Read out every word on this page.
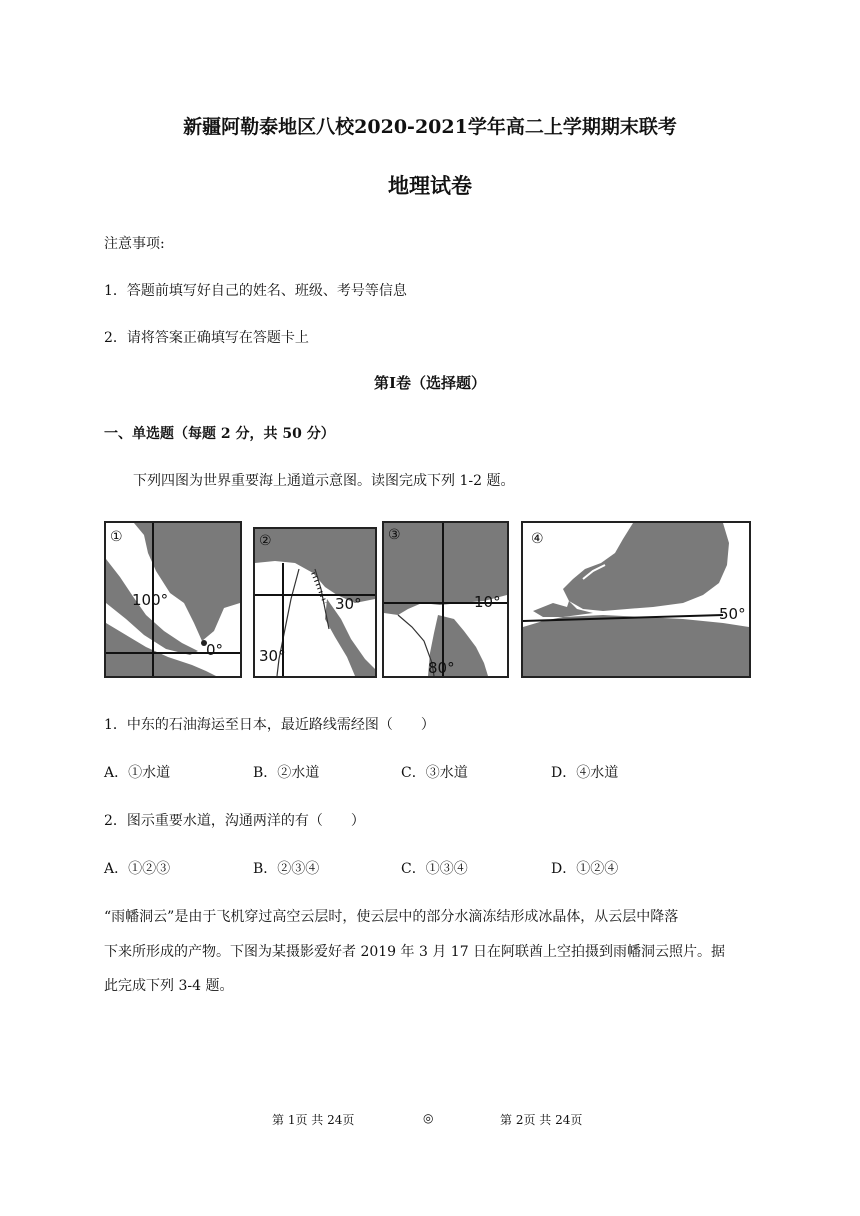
新疆阿勒泰地区八校2020-2021学年高二上学期期末联考
地理试卷
注意事项:
1．答题前填写好自己的姓名、班级、考号等信息
2．请将答案正确填写在答题卡上
第Ⅰ卷（选择题）
一、单选题（每题 2 分，共 50 分）
下列四图为世界重要海上通道示意图。读图完成下列 1-2 题。
①
100°
0°
②
30°
30°
③
10°
80°
④
50°
1．中东的石油海运至日本，最近路线需经图（　　）
A．①水道	B．②水道	C．③水道	D．④水道
2．图示重要水道，沟通两洋的有（　　）
A．①②③	B．②③④	C．①③④	D．①②④
“雨幡洞云”是由于飞机穿过高空云层时，使云层中的部分水滴冻结形成冰晶体，从云层中降落
下来所形成的产物。下图为某摄影爱好者 2019 年 3 月 17 日在阿联酋上空拍摄到雨幡洞云照片。据
此完成下列 3-4 题。
第 1页 共 24页	◎	第 2页 共 24页
